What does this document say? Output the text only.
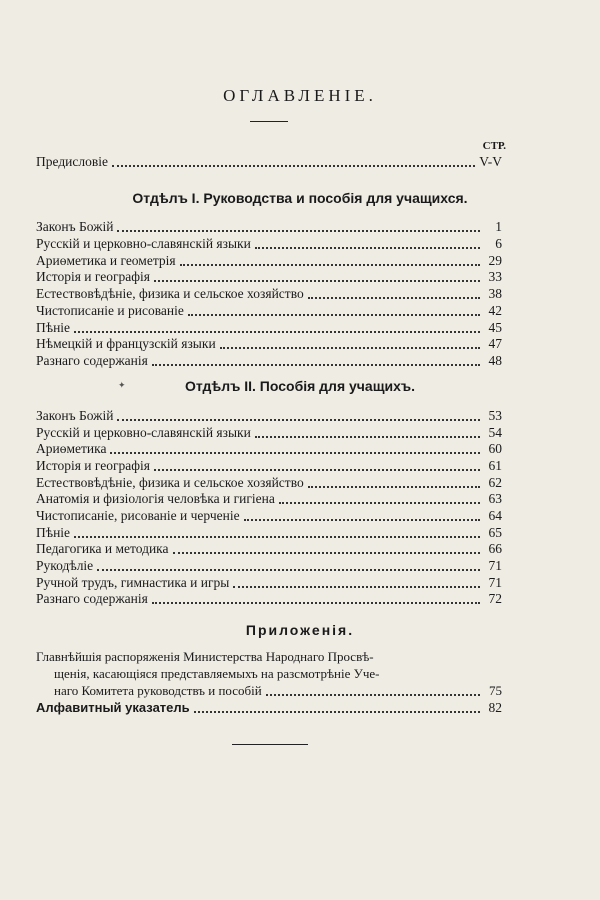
ОГЛАВЛЕНІЕ.
СТР.
Предисловіе	V-V
Отдѣлъ I. Руководства и пособія для учащихся.
Законъ Божій	1
Русскій и церковно-славянскій языки	6
Ариѳметика и геометрія	29
Исторія и географія	33
Естествовѣдѣніе, физика и сельское хозяйство	38
Чистописаніе и рисованіе	42
Пѣніе	45
Нѣмецкій и французскій языки	47
Разнаго содержанія	48
✦	Отдѣлъ II. Пособія для учащихъ.
Законъ Божій	53
Русскій и церковно-славянскій языки	54
Ариѳметика	60
Исторія и географія	61
Естествовѣдѣніе, физика и сельское хозяйство	62
Анатомія и физіологія человѣка и гигіена	63
Чистописаніе, рисованіе и черченіе	64
Пѣніе	65
Педагогика и методика	66
Рукодѣліе	71
Ручной трудъ, гимнастика и игры	71
Разнаго содержанія	72
Приложенія.
Главнѣйшія распоряженія Министерства Народнаго Просвѣ-
щенія, касающіяся представляемыхъ на разсмотрѣніе Уче-
наго Комитета руководствъ и пособій	75
Алфавитный указатель	82
